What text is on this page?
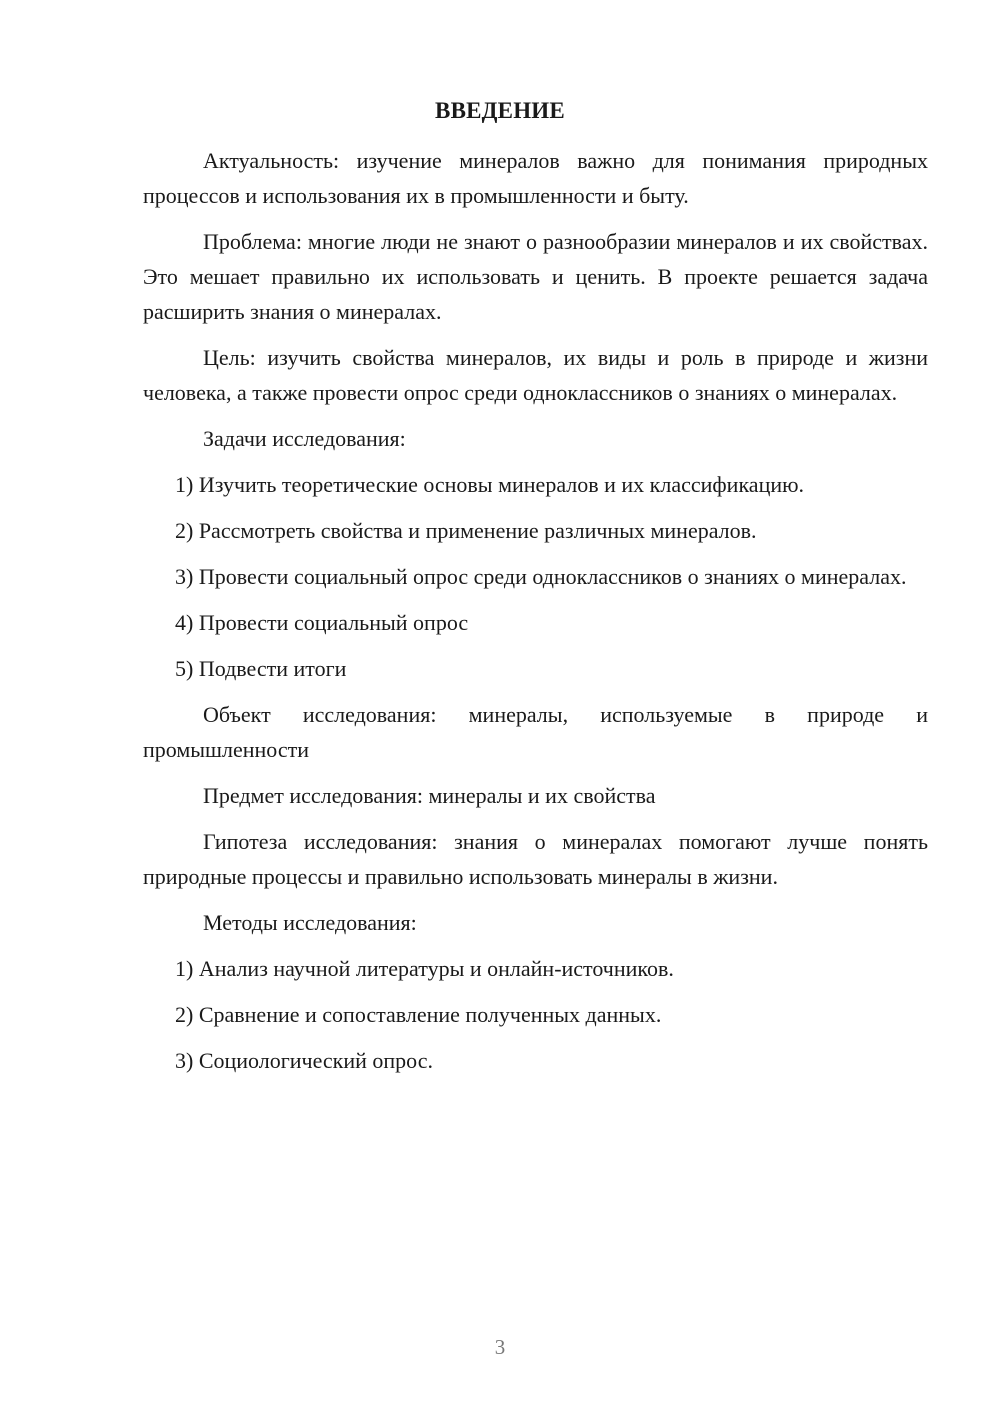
ВВЕДЕНИЕ

Актуальность: изучение минералов важно для понимания природных процессов и использования их в промышленности и быту.

Проблема: многие люди не знают о разнообразии минералов и их свойствах. Это мешает правильно их использовать и ценить. В проекте решается задача расширить знания о минералах.

Цель: изучить свойства минералов, их виды и роль в природе и жизни человека, а также провести опрос среди одноклассников о знаниях о минералах.

Задачи исследования:

1) Изучить теоретические основы минералов и их классификацию.

2) Рассмотреть свойства и применение различных минералов.

3) Провести социальный опрос среди одноклассников о знаниях о минералах.

4) Провести социальный опрос

5) Подвести итоги

Объект исследования: минералы, используемые в природе и промышленности

Предмет исследования: минералы и их свойства

Гипотеза исследования: знания о минералах помогают лучше понять природные процессы и правильно использовать минералы в жизни.

Методы исследования:

1) Анализ научной литературы и онлайн-источников.

2) Сравнение и сопоставление полученных данных.

3) Социологический опрос.

3
